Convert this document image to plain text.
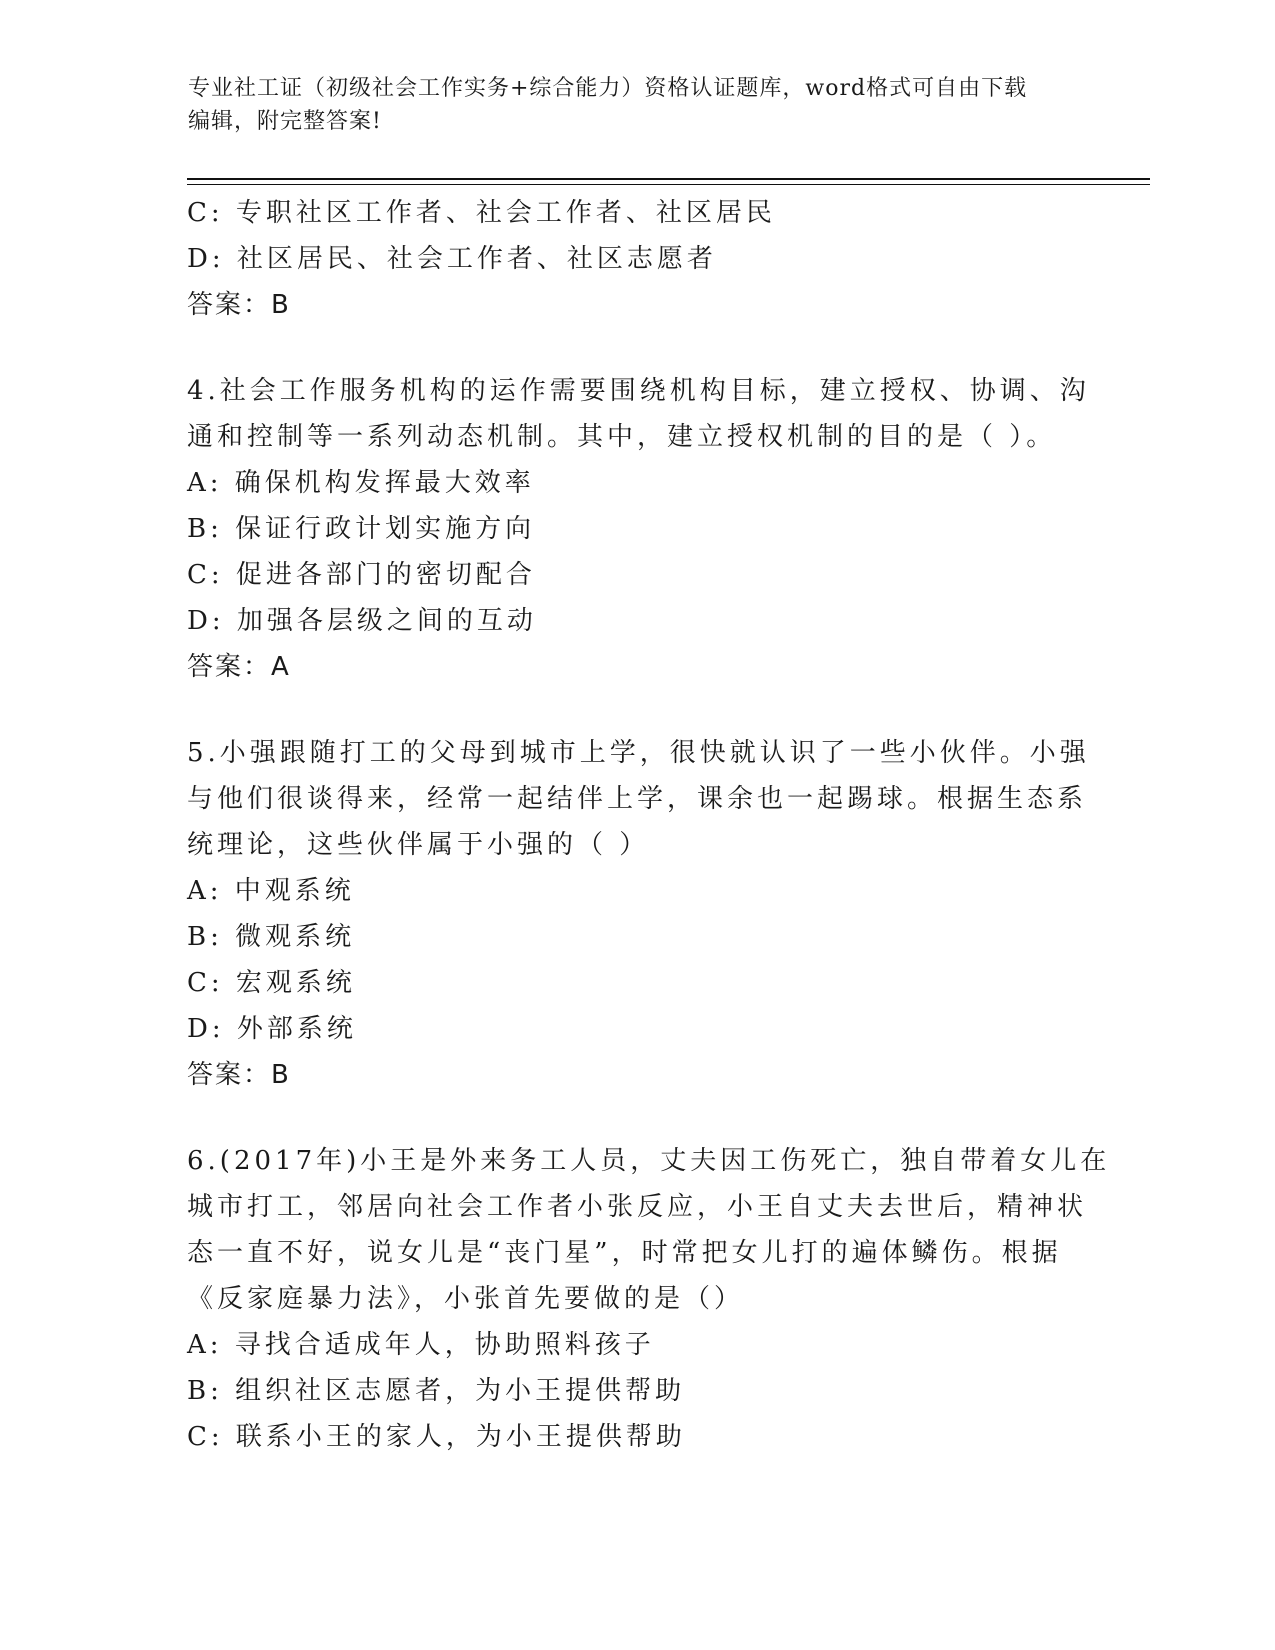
专业社工证（初级社会工作实务+综合能力）资格认证题库，word格式可自由下载
编辑，附完整答案!
C: 专职社区工作者、社会工作者、社区居民
D: 社区居民、社会工作者、社区志愿者
答案：B
4.社会工作服务机构的运作需要围绕机构目标，建立授权、协调、沟
通和控制等一系列动态机制。其中，建立授权机制的目的是（ ）。
A: 确保机构发挥最大效率
B: 保证行政计划实施方向
C: 促进各部门的密切配合
D: 加强各层级之间的互动
答案：A
5.小强跟随打工的父母到城市上学，很快就认识了一些小伙伴。小强
与他们很谈得来，经常一起结伴上学，课余也一起踢球。根据生态系
统理论，这些伙伴属于小强的（ ）
A: 中观系统
B: 微观系统
C: 宏观系统
D: 外部系统
答案：B
6.(2017年)小王是外来务工人员，丈夫因工伤死亡，独自带着女儿在
城市打工，邻居向社会工作者小张反应，小王自丈夫去世后，精神状
态一直不好，说女儿是“丧门星”，时常把女儿打的遍体鳞伤。根据
《反家庭暴力法》，小张首先要做的是（）
A: 寻找合适成年人，协助照料孩子
B: 组织社区志愿者，为小王提供帮助
C: 联系小王的家人，为小王提供帮助
